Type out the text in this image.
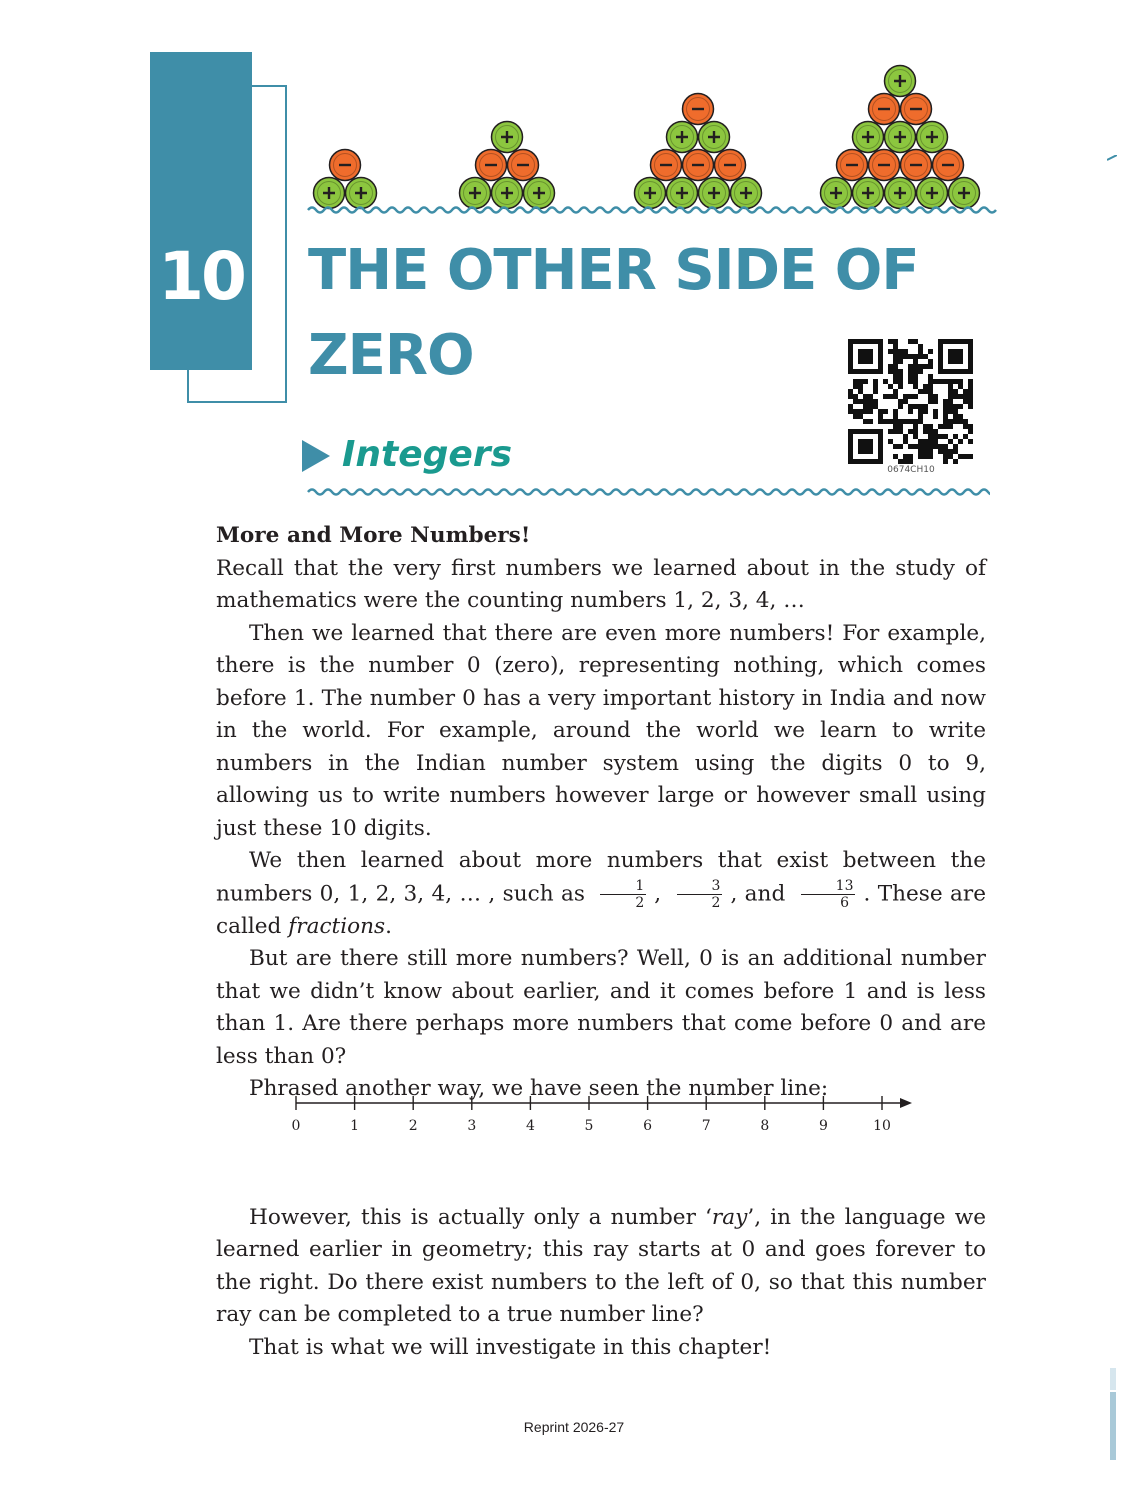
10 THE OTHER SIDE OF
ZERO
0674CH10
Integers
More and More Numbers!

Recall that the very first numbers we learned about in the study of mathematics were the counting numbers 1, 2, 3, 4, …

Then we learned that there are even more numbers! For example, there is the number 0 (zero), representing nothing, which comes before 1. The number 0 has a very important history in India and now in the world. For example, around the world we learn to write numbers in the Indian number system using the digits 0 to 9, allowing us to write numbers however large or however small using just these 10 digits.

We then learned about more numbers that exist between the numbers 0, 1, 2, 3, 4, … , such as $\frac{1}{2}$ , $\frac{3}{2}$ , and $\frac{13}{6}$ . These are called fractions.

But are there still more numbers? Well, 0 is an additional number that we didn’t know about earlier, and it comes before 1 and is less than 1. Are there perhaps more numbers that come before 0 and are less than 0?

Phrased another way, we have seen the number line:

However, this is actually only a number ‘ray’, in the language we learned earlier in geometry; this ray starts at 0 and goes forever to the right. Do there exist numbers to the left of 0, so that this number ray can be completed to a true number line?

That is what we will investigate in this chapter!

0	1	2	3	4	5	6	7	8	9	10
Reprint 2026-27
